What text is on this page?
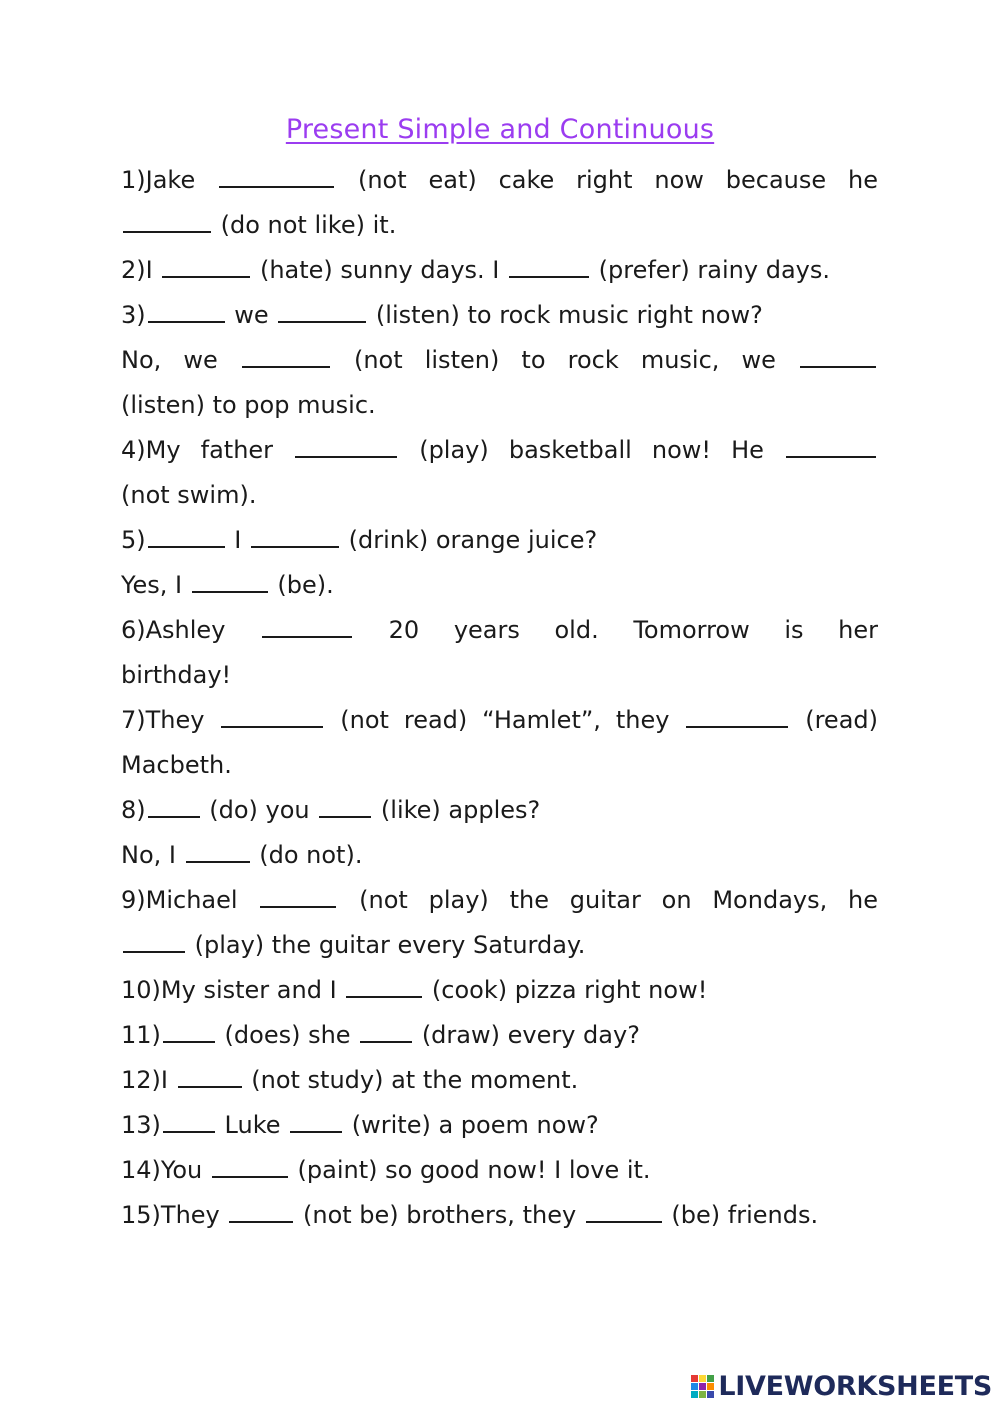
Present Simple and Continuous
1)Jake	(not eat) cake right now because he
(do not like) it.
2)I	(hate) sunny days. I	(prefer) rainy days.
3)	we	(listen) to rock music right now?
No, we	(not listen) to rock music, we
(listen) to pop music.
4)My father	(play) basketball now! He
(not swim).
5)	I	(drink) orange juice?
Yes, I	(be).
6)Ashley	20 years old. Tomorrow is her
birthday!
7)They	(not read) “Hamlet”, they	(read)
Macbeth.
8) (do) you  (like) apples?
No, I	(do not).
9)Michael	(not play) the guitar on Mondays, he
(play) the guitar every Saturday.
10)My sister and I	(cook) pizza right now!
11) (does) she  (draw) every day?
12)I	(not study) at the moment.
13) Luke  (write) a poem now?
14)You	(paint) so good now! I love it.
15)They	(not be) brothers, they	(be) friends.
LIVEWORKSHEETS
